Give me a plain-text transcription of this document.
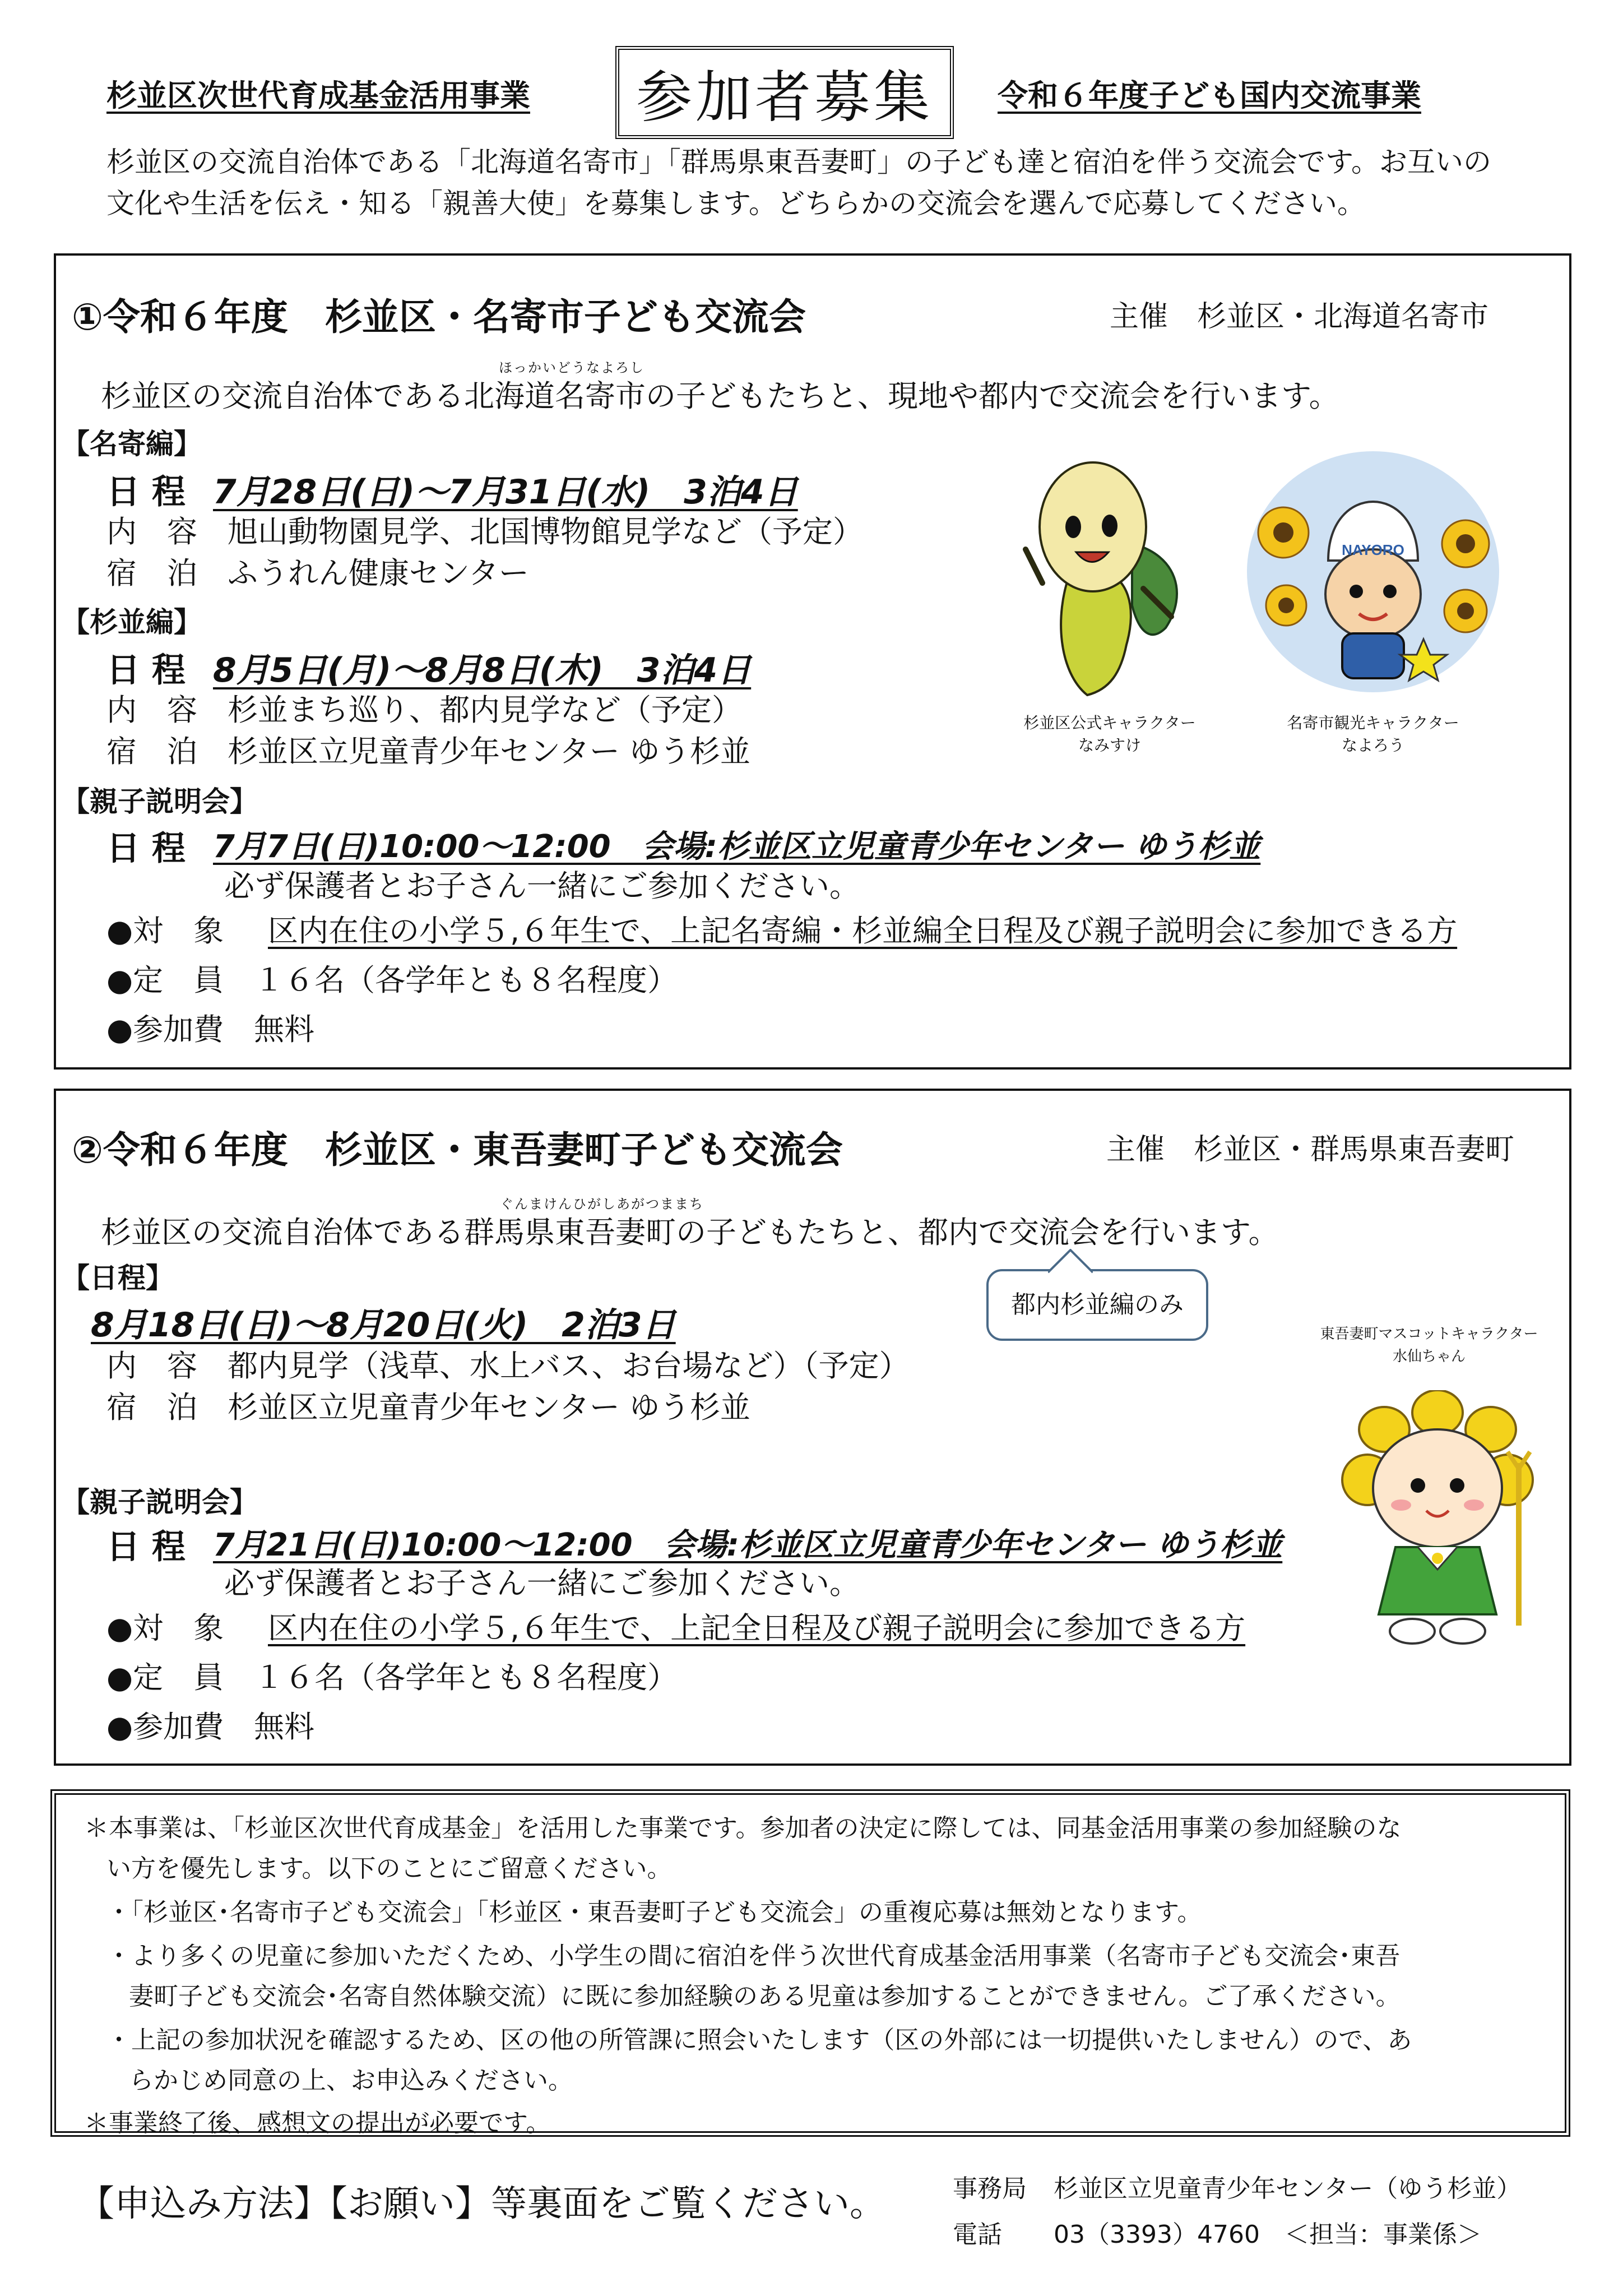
杉並区次世代育成基金活用事業	参加者募集	令和６年度子ども国内交流事業
杉並区の交流自治体である「北海道名寄市」「群馬県東吾妻町」の子ども達と宿泊を伴う交流会です。お互いの
文化や生活を伝え・知る「親善大使」を募集します。どちらかの交流会を選んで応募してください。
①令和６年度　杉並区・名寄市子ども交流会	主催　杉並区・北海道名寄市
ほっかいどうなよろし
杉並区の交流自治体である北海道名寄市の子どもたちと、現地や都内で交流会を行います。
【名寄編】
日 程 7月28日(日)～7月31日(水)　3泊4日
内　容　旭山動物園見学、北国博物館見学など（予定）
宿　泊　ふうれん健康センター
【杉並編】
日 程 8月5日(月)～8月8日(木)　3泊4日
内　容　杉並まち巡り、都内見学など（予定）
宿　泊　杉並区立児童青少年センター ゆう杉並
【親子説明会】
日 程 7月7日(日)10:00～12:00　会場:杉並区立児童青少年センター ゆう杉並
必ず保護者とお子さん一緒にご参加ください。
●対　象 区内在住の小学５,６年生で、上記名寄編・杉並編全日程及び親子説明会に参加できる方
●定　員　１６名（各学年とも８名程度）
●参加費　無料
杉並区公式キャラクター
なみすけ
NAYORO
名寄市観光キャラクター
なよろう
②令和６年度　杉並区・東吾妻町子ども交流会	主催　杉並区・群馬県東吾妻町
ぐんまけんひがしあがつままち
杉並区の交流自治体である群馬県東吾妻町の子どもたちと、都内で交流会を行います。
都内杉並編のみ
【日程】
8月18日(日)～8月20日(火)　2泊3日
内　容　都内見学（浅草、水上バス、お台場など）（予定）
宿　泊　杉並区立児童青少年センター ゆう杉並
【親子説明会】
日 程 7月21日(日)10:00～12:00　会場:杉並区立児童青少年センター ゆう杉並
必ず保護者とお子さん一緒にご参加ください。
●対　象 区内在住の小学５,６年生で、上記全日程及び親子説明会に参加できる方
●定　員　１６名（各学年とも８名程度）
●参加費　無料
東吾妻町マスコットキャラクター
水仙ちゃん
＊本事業は、「杉並区次世代育成基金」を活用した事業です。参加者の決定に際しては、同基金活用事業の参加経験のな
い方を優先します。以下のことにご留意ください。
・「杉並区･名寄市子ども交流会」「杉並区・東吾妻町子ども交流会」の重複応募は無効となります。
・より多くの児童に参加いただくため、小学生の間に宿泊を伴う次世代育成基金活用事業（名寄市子ども交流会･東吾
妻町子ども交流会･名寄自然体験交流）に既に参加経験のある児童は参加することができません。ご了承ください。
・上記の参加状況を確認するため、区の他の所管課に照会いたします（区の外部には一切提供いたしません）ので、あ
らかじめ同意の上、お申込みください。
＊事業終了後、感想文の提出が必要です。
【申込み方法】【お願い】等裏面をご覧ください。	事務局 杉並区立児童青少年センター（ゆう杉並）
電話 03（3393）4760　＜担当：事業係＞
